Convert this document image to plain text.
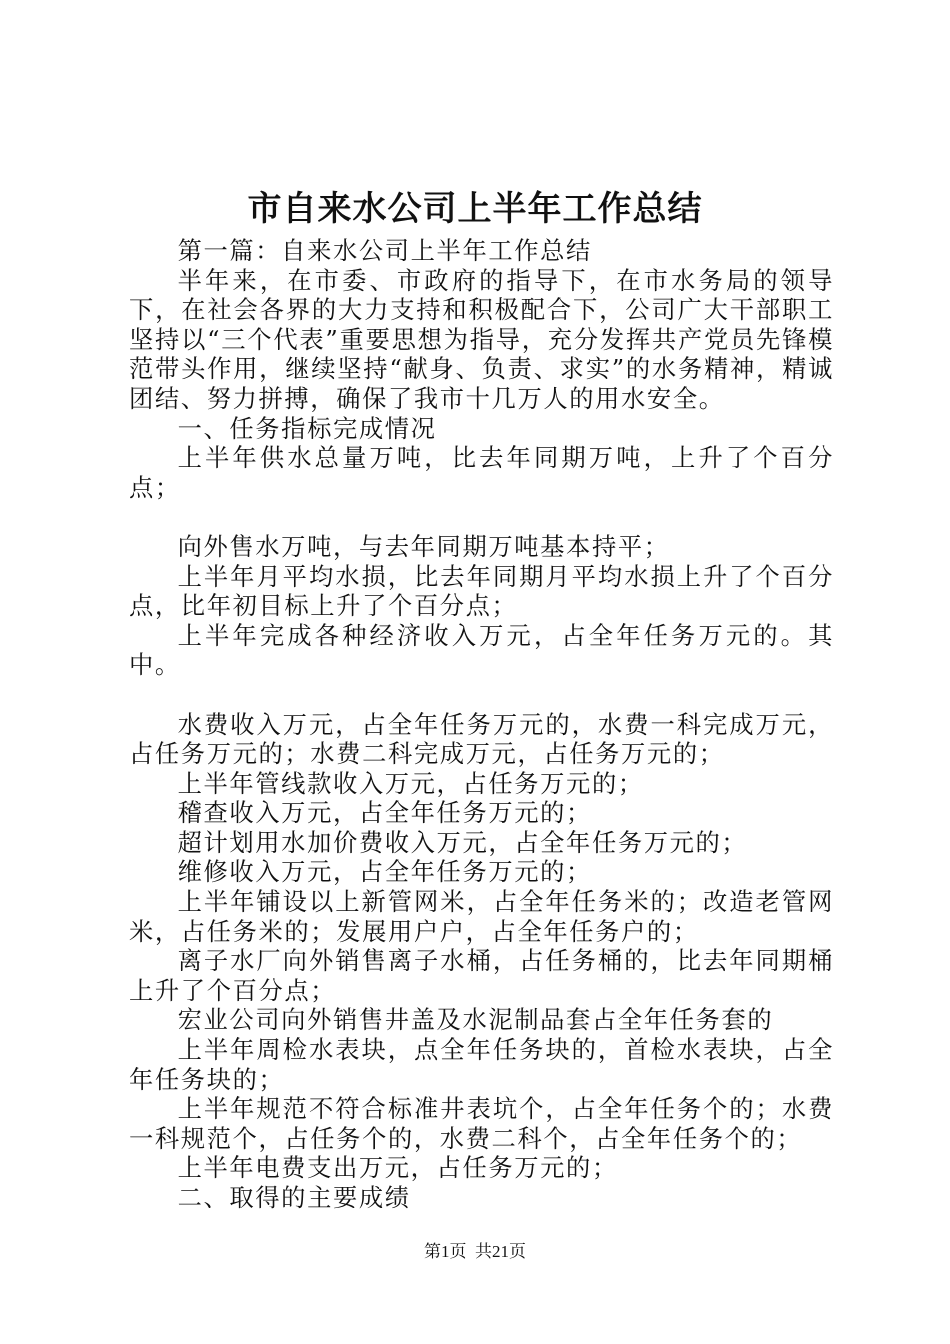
市自来水公司上半年工作总结

第一篇：自来水公司上半年工作总结

半年来，在市委、市政府的指导下，在市水务局的领导下，在社会各界的大力支持和积极配合下，公司广大干部职工坚持以“三个代表”重要思想为指导，充分发挥共产党员先锋模范带头作用，继续坚持“献身、负责、求实”的水务精神，精诚团结、努力拼搏，确保了我市十几万人的用水安全。

一、任务指标完成情况

上半年供水总量万吨，比去年同期万吨，上升了个百分点；

向外售水万吨，与去年同期万吨基本持平；

上半年月平均水损，比去年同期月平均水损上升了个百分点，比年初目标上升了个百分点；

上半年完成各种经济收入万元，占全年任务万元的。其中。

水费收入万元，占全年任务万元的，水费一科完成万元，占任务万元的；水费二科完成万元，占任务万元的；

上半年管线款收入万元，占任务万元的；

稽查收入万元，占全年任务万元的；

超计划用水加价费收入万元，占全年任务万元的；

维修收入万元，占全年任务万元的；

上半年铺设以上新管网米，占全年任务米的；改造老管网米，占任务米的；发展用户户，占全年任务户的；

离子水厂向外销售离子水桶，占任务桶的，比去年同期桶上升了个百分点；

宏业公司向外销售井盖及水泥制品套占全年任务套的

上半年周检水表块，点全年任务块的，首检水表块，占全年任务块的；

上半年规范不符合标准井表坑个，占全年任务个的；水费一科规范个，占任务个的，水费二科个，占全年任务个的；

上半年电费支出万元，占任务万元的；

二、取得的主要成绩

第1页 共21页
